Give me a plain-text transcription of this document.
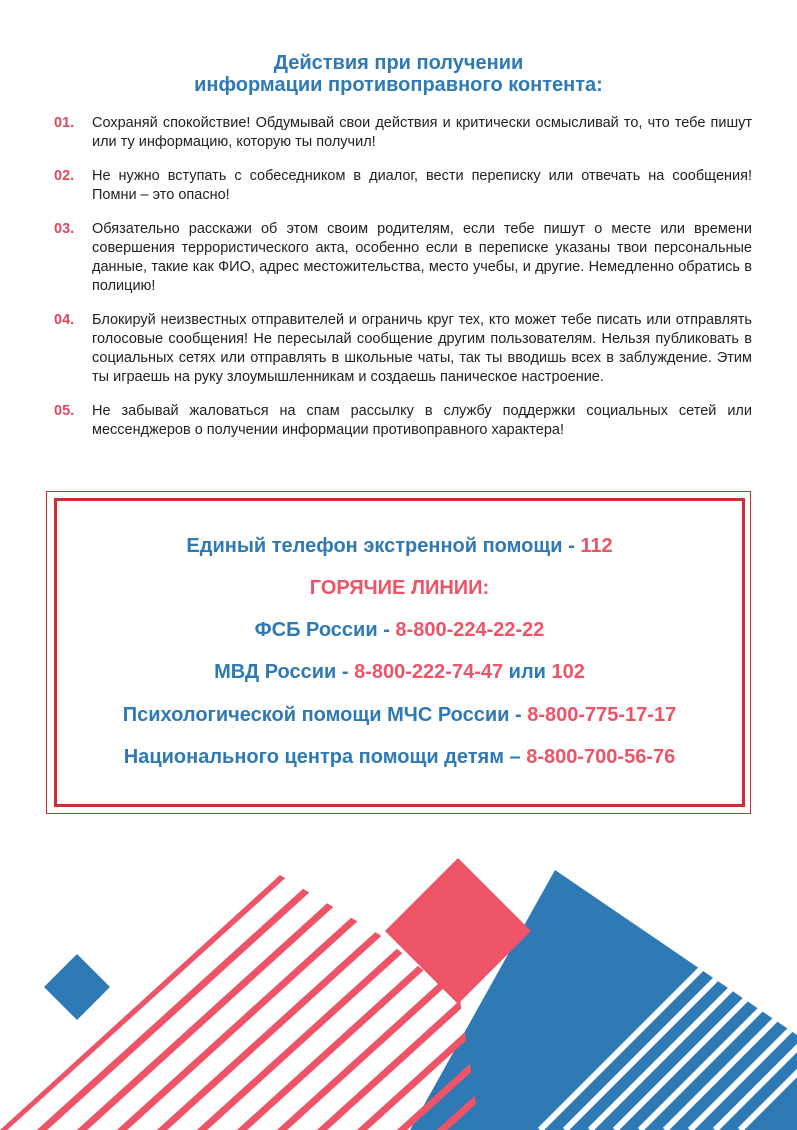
Действия при получении
информации противоправного контента:
01.	Сохраняй спокойствие! Обдумывай свои действия и критически осмысливай то, что тебе пишут или ту информацию, которую ты получил!
02.	Не нужно вступать с собеседником в диалог, вести переписку или отвечать на сообщения! Помни – это опасно!
03.	Обязательно расскажи об этом своим родителям, если тебе пишут о месте или времени совершения террористического акта, особенно если в переписке указаны твои персональные данные, такие как ФИО, адрес местожительства, место учебы, и другие. Немедленно обратись в полицию!
04.	Блокируй неизвестных отправителей и ограничь круг тех, кто может тебе писать или отправлять голосовые сообщения! Не пересылай сообщение другим пользователям. Нельзя публиковать в социальных сетях или отправлять в школьные чаты, так ты вводишь всех в заблуждение. Этим ты играешь на руку злоумышленникам и создаешь паническое настроение.
05.	Не забывай жаловаться на спам рассылку в службу поддержки социальных сетей или мессенджеров о получении информации противоправного характера!
Единый телефон экстренной помощи - 112
ГОРЯЧИЕ ЛИНИИ:
ФСБ России - 8-800-224-22-22
МВД России - 8-800-222-74-47 или 102
Психологической помощи МЧС России - 8-800-775-17-17
Национального центра помощи детям – 8-800-700-56-76
